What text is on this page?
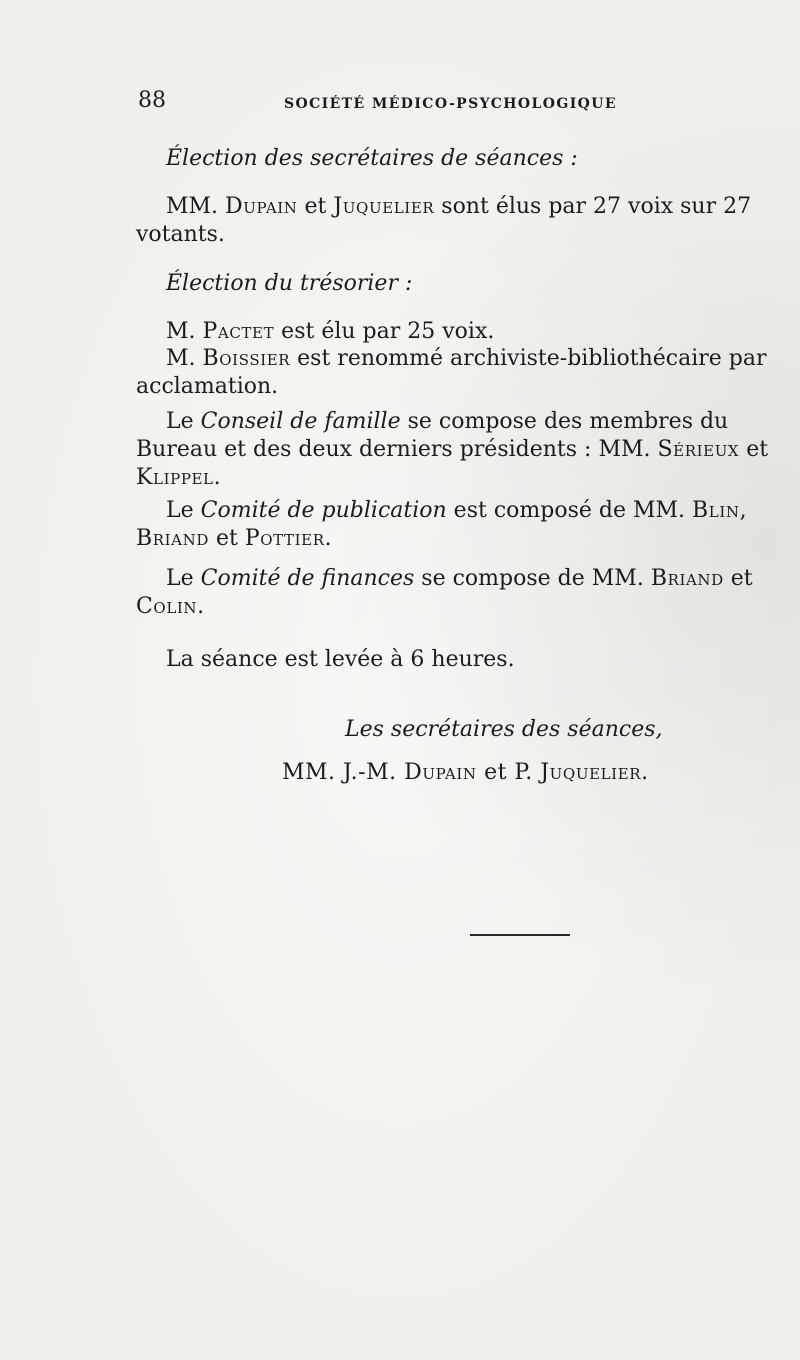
88	SOCIÉTÉ MÉDICO-PSYCHOLOGIQUE
Élection des secrétaires de séances :
MM. Dupain et Juquelier sont élus par 27 voix sur 27 votants.
Élection du trésorier :
M. Pactet est élu par 25 voix.
M. Boissier est renommé archiviste-bibliothécaire par acclamation.
Le Conseil de famille se compose des membres du Bureau et des deux derniers présidents : MM. Sérieux et Klippel.
Le Comité de publication est composé de MM. Blin, Briand et Pottier.
Le Comité de finances se compose de MM. Briand et Colin.
La séance est levée à 6 heures.
Les secrétaires des séances,
MM. J.-M. Dupain et P. Juquelier.
